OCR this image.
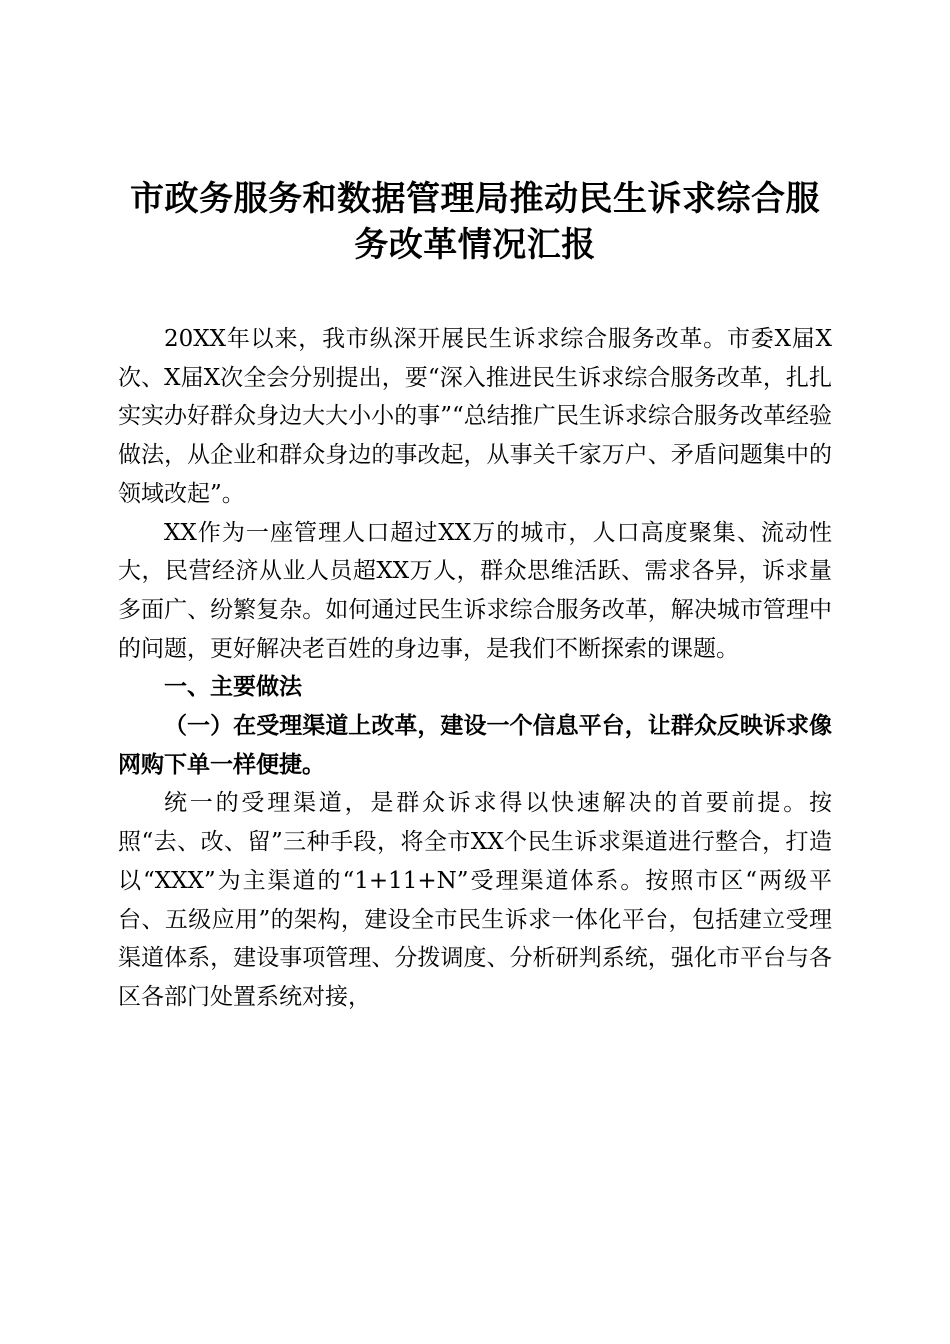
市政务服务和数据管理局推动民生诉求综合服务改革情况汇报

20XX年以来，我市纵深开展民生诉求综合服务改革。市委X届X次、X届X次全会分别提出，要“深入推进民生诉求综合服务改革，扎扎实实办好群众身边大大小小的事”“总结推广民生诉求综合服务改革经验做法，从企业和群众身边的事改起，从事关千家万户、矛盾问题集中的领域改起”。

XX作为一座管理人口超过XX万的城市，人口高度聚集、流动性大，民营经济从业人员超XX万人，群众思维活跃、需求各异，诉求量多面广、纷繁复杂。如何通过民生诉求综合服务改革，解决城市管理中的问题，更好解决老百姓的身边事，是我们不断探索的课题。

一、主要做法
（一）在受理渠道上改革，建设一个信息平台，让群众反映诉求像网购下单一样便捷。

统一的受理渠道，是群众诉求得以快速解决的首要前提。按照“去、改、留”三种手段，将全市XX个民生诉求渠道进行整合，打造以“XXX”为主渠道的“1+11+N”受理渠道体系。按照市区“两级平台、五级应用”的架构，建设全市民生诉求一体化平台，包括建立受理渠道体系，建设事项管理、分拨调度、分析研判系统，强化市平台与各区各部门处置系统对接，
